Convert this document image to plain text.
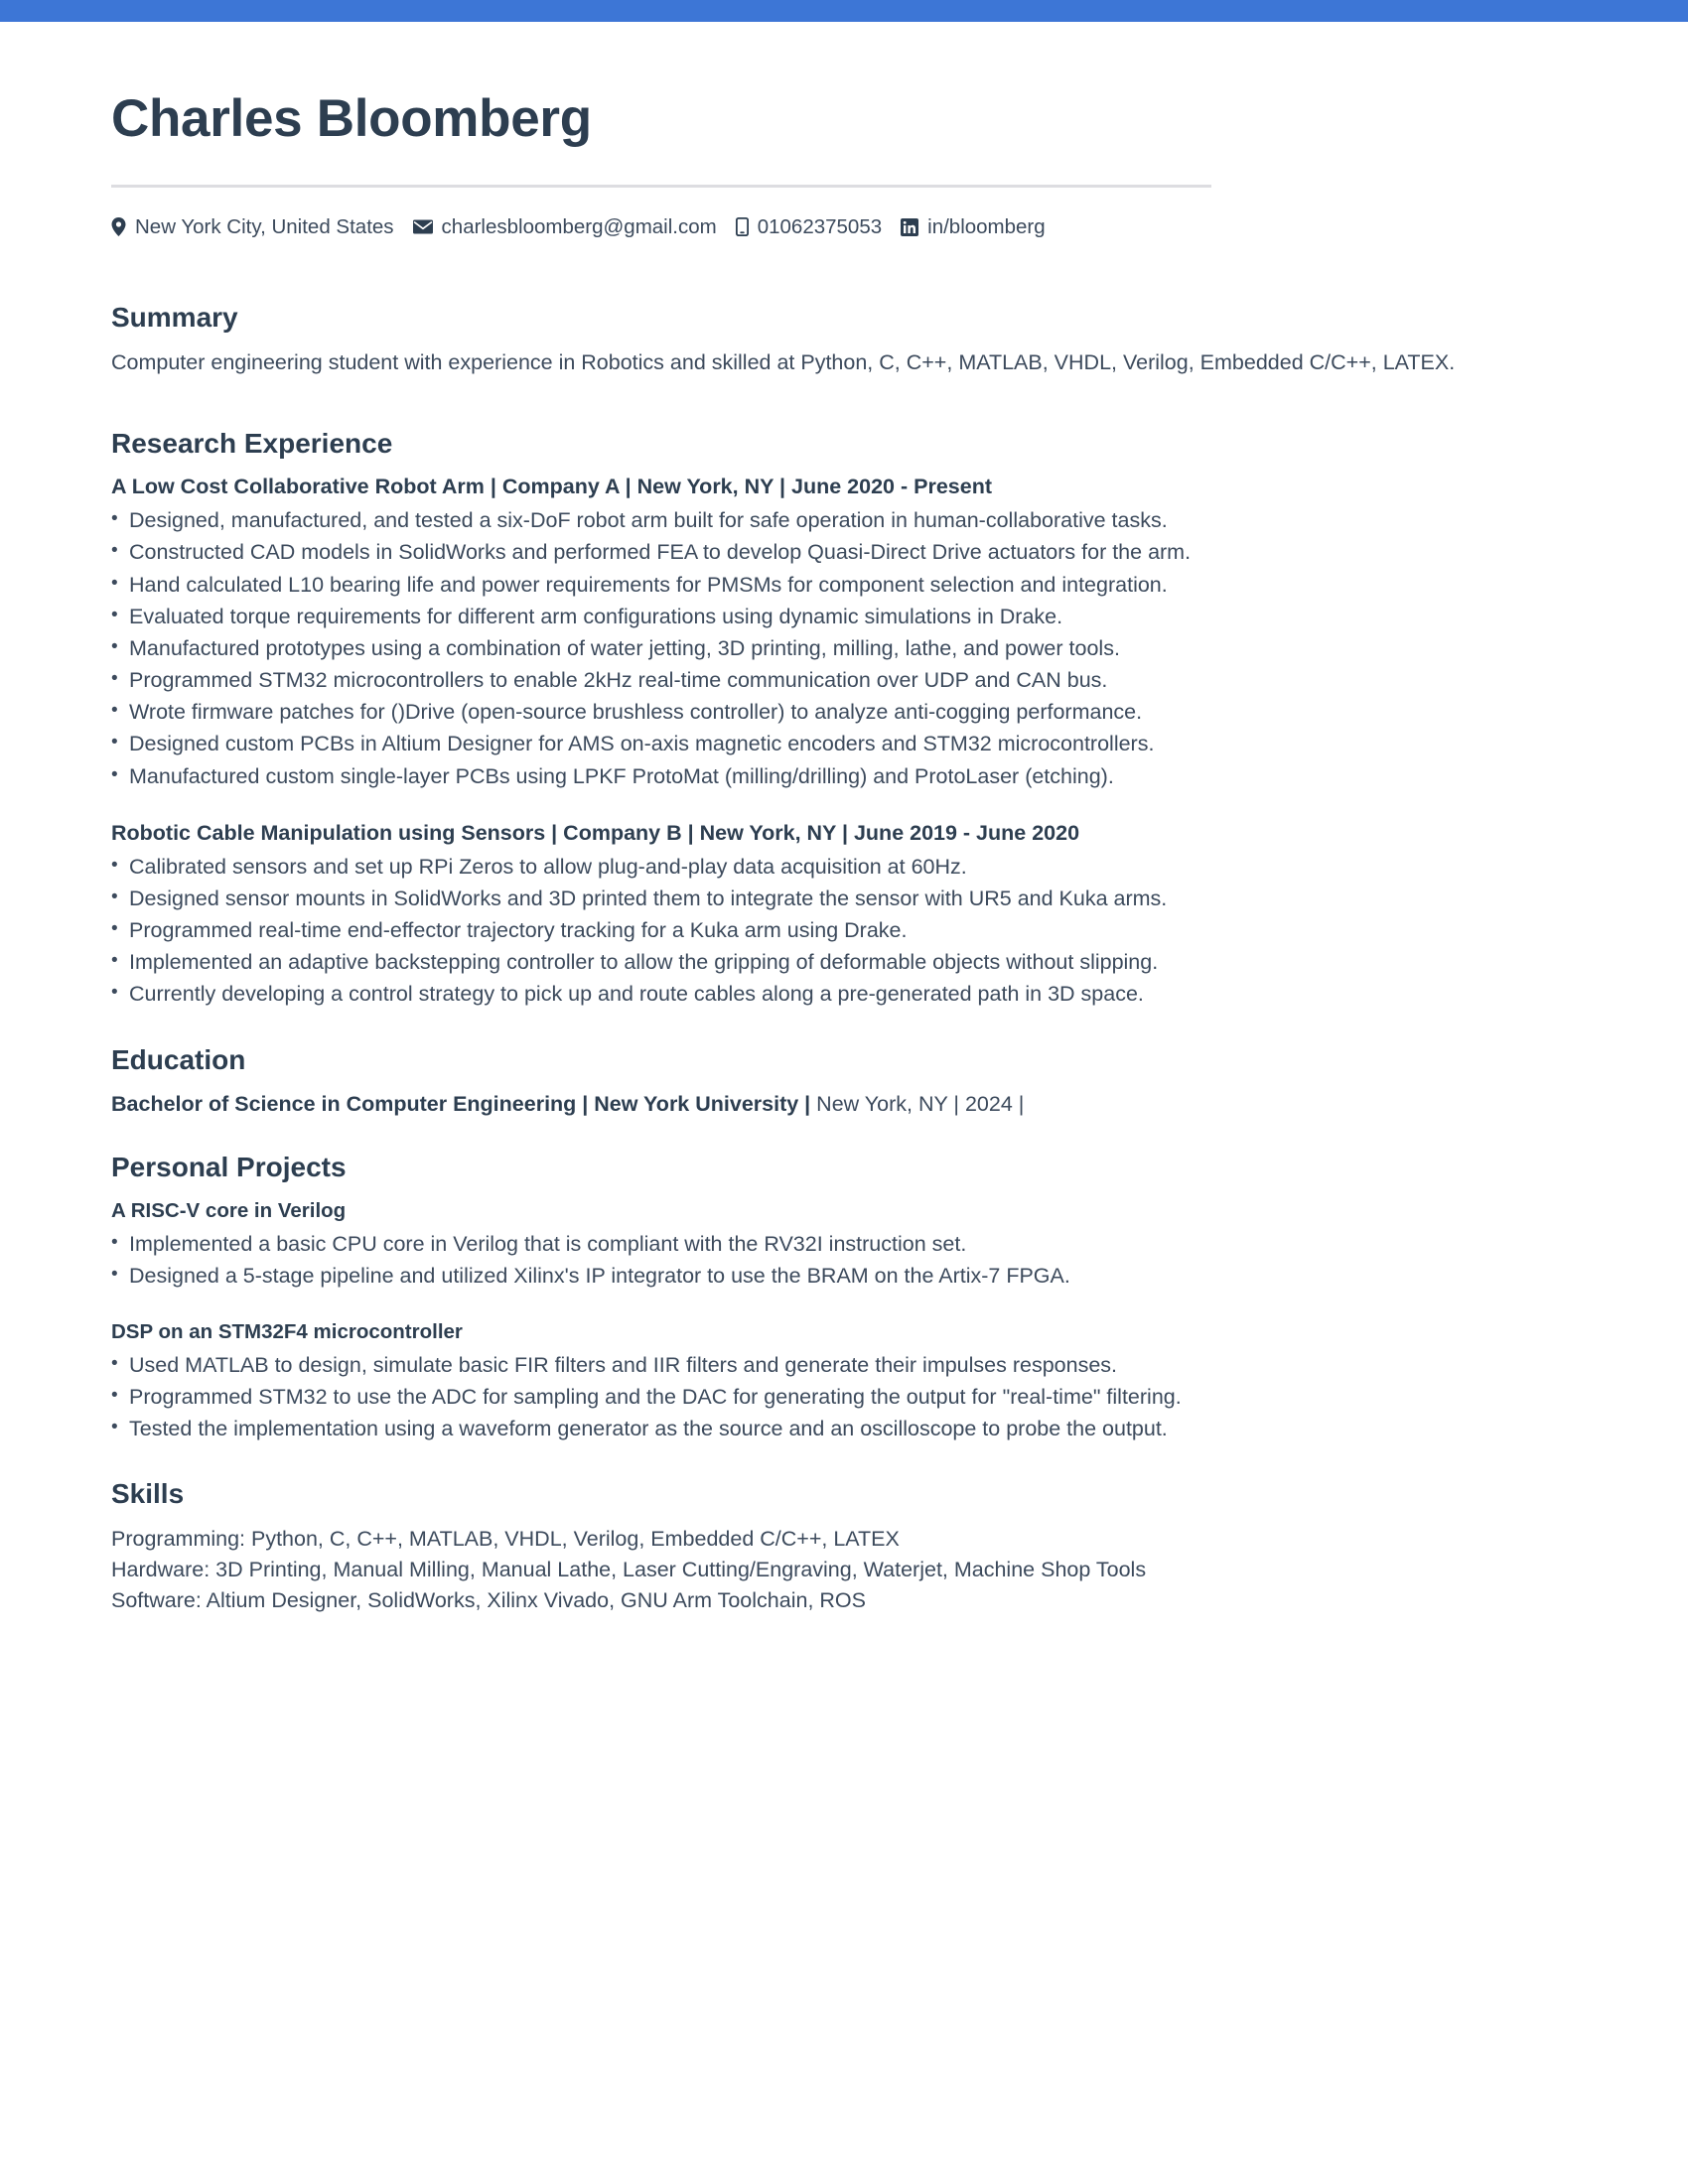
Charles Bloomberg
New York City, United States charlesbloomberg@gmail.com 01062375053 in/bloomberg
Summary

Computer engineering student with experience in Robotics and skilled at Python, C, C++, MATLAB, VHDL, Verilog, Embedded C/C++, LATEX.

Research Experience
A Low Cost Collaborative Robot Arm | Company A | New York, NY | June 2020 - Present
• Designed, manufactured, and tested a six-DoF robot arm built for safe operation in human-collaborative tasks.
• Constructed CAD models in SolidWorks and performed FEA to develop Quasi-Direct Drive actuators for the arm.
• Hand calculated L10 bearing life and power requirements for PMSMs for component selection and integration.
• Evaluated torque requirements for different arm configurations using dynamic simulations in Drake.
• Manufactured prototypes using a combination of water jetting, 3D printing, milling, lathe, and power tools.
• Programmed STM32 microcontrollers to enable 2kHz real-time communication over UDP and CAN bus.
• Wrote firmware patches for ()Drive (open-source brushless controller) to analyze anti-cogging performance.
• Designed custom PCBs in Altium Designer for AMS on-axis magnetic encoders and STM32 microcontrollers.
• Manufactured custom single-layer PCBs using LPKF ProtoMat (milling/drilling) and ProtoLaser (etching).
Robotic Cable Manipulation using Sensors | Company B | New York, NY | June 2019 - June 2020
• Calibrated sensors and set up RPi Zeros to allow plug-and-play data acquisition at 60Hz.
• Designed sensor mounts in SolidWorks and 3D printed them to integrate the sensor with UR5 and Kuka arms.
• Programmed real-time end-effector trajectory tracking for a Kuka arm using Drake.
• Implemented an adaptive backstepping controller to allow the gripping of deformable objects without slipping.
• Currently developing a control strategy to pick up and route cables along a pre-generated path in 3D space.
Education

Bachelor of Science in Computer Engineering | New York University | New York, NY | 2024 |

Personal Projects
A RISC-V core in Verilog
• Implemented a basic CPU core in Verilog that is compliant with the RV32I instruction set.
• Designed a 5-stage pipeline and utilized Xilinx's IP integrator to use the BRAM on the Artix-7 FPGA.
DSP on an STM32F4 microcontroller
• Used MATLAB to design, simulate basic FIR filters and IIR filters and generate their impulses responses.
• Programmed STM32 to use the ADC for sampling and the DAC for generating the output for "real-time" filtering.
• Tested the implementation using a waveform generator as the source and an oscilloscope to probe the output.
Skills

Programming: Python, C, C++, MATLAB, VHDL, Verilog, Embedded C/C++, LATEX

Hardware: 3D Printing, Manual Milling, Manual Lathe, Laser Cutting/Engraving, Waterjet, Machine Shop Tools

Software: Altium Designer, SolidWorks, Xilinx Vivado, GNU Arm Toolchain, ROS
